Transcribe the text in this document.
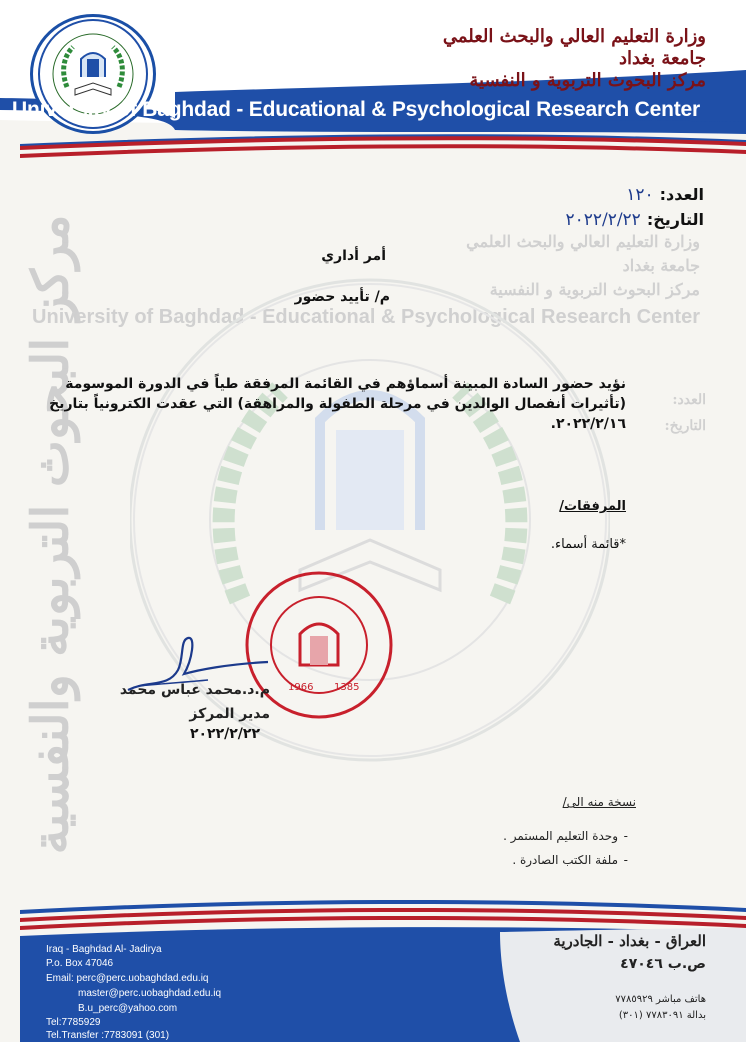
وزارة التعليم العالي والبحث العلمي
جامعة بغداد
مركز البحوث التربوية و النفسية
University of Baghdad - Educational & Psychological Research Center
مركز البحوث التربوية والنفسية	وزارة التعليم العالي والبحث العلمي
جامعة بغداد
مركز البحوث التربوية و النفسية
University of Baghdad - Educational & Psychological Research Center
العدد:
التاريخ:
العدد:١٢٠
التاريخ:٢٠٢٢/٢/٢٢
أمر أداري
م/ تأييد حضور
نؤيد حضور السادة المبينة أسماؤهم في القائمة المرفقة طياً في الدورة الموسومة
(تأثيرات أنفصال الوالدين في مرحلة الطفولة والمراهقة) التي عقدت الكترونياً بتاريخ
٢٠٢٢/٢/١٦.
المرفقات/
*قائمة أسماء.
1966 1385
م.د.محمد عباس محمد
مدير المركز
٢٠٢٢/٢/٢٢
نسخة منه الى/
-
وحدة التعليم المستمر .
-
ملفة الكتب الصادرة .
Iraq - Baghdad Al- Jadirya
P.o. Box 47046
Email: perc@perc.uobaghdad.edu.iq
master@perc.uobaghdad.edu.iq
B.u_perc@yahoo.com
Tel:7785929
Tel.Transfer :7783091 (301)
العراق - بغداد - الجادرية
ص.ب ٤٧٠٤٦
هاتف مباشر ٧٧٨٥٩٢٩
بدالة ٧٧٨٣٠٩١ (٣٠١)
